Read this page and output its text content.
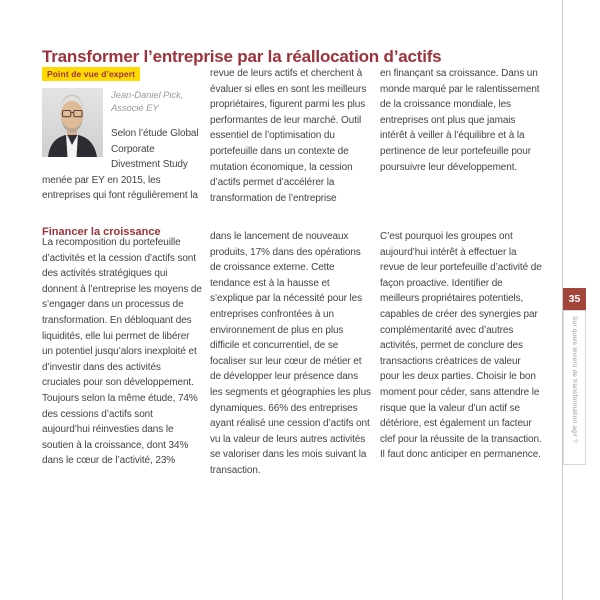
Transformer l’entreprise par la réallocation d’actifs
Point de vue d’expert
Jean-Daniel Pick,
Associé EY

Selon l’étude Global Corporate Divestment Study menée par EY en 2015, les entreprises qui font régulièrement la

revue de leurs actifs et cherchent à évaluer si elles en sont les meilleurs propriétaires, figurent parmi les plus performantes de leur marché. Outil essentiel de l’optimisation du portefeuille dans un contexte de mutation économique, la cession d’actifs permet d’accélérer la transformation de l’entreprise

en finançant sa croissance. Dans un monde marqué par le ralentissement de la croissance mondiale, les entreprises ont plus que jamais intérêt à veiller à l’équilibre et à la pertinence de leur portefeuille pour poursuivre leur développement.

Financer la croissance

La recomposition du portefeuille d’activités et la cession d’actifs sont des activités stratégiques qui donnent à l’entreprise les moyens de s’engager dans un processus de transformation. En débloquant des liquidités, elle lui permet de libérer un potentiel jusqu’alors inexploité et d’investir dans des activités cruciales pour son développement. Toujours selon la même étude, 74% des cessions d’actifs sont aujourd’hui réinvesties dans le soutien à la croissance, dont 34% dans le cœur de l’activité, 23%

dans le lancement de nouveaux produits, 17% dans des opérations de croissance externe. Cette tendance est à la hausse et s’explique par la nécessité pour les entreprises confrontées à un environnement de plus en plus difficile et concurrentiel, de se focaliser sur leur cœur de métier et de développer leur présence dans les segments et géographies les plus dynamiques. 66% des entreprises ayant réalisé une cession d’actifs ont vu la valeur de leurs autres activités se valoriser dans les mois suivant la transaction.

C’est pourquoi les groupes ont aujourd’hui intérêt à effectuer la revue de leur portefeuille d’activité de façon proactive. Identifier de meilleurs propriétaires potentiels, capables de créer des synergies par complémentarité avec d’autres activités, permet de conclure des transactions créatrices de valeur pour les deux parties. Choisir le bon moment pour céder, sans attendre le risque que la valeur d’un actif se détériore, est également un facteur clef pour la réussite de la transaction. Il faut donc anticiper en permanence.

35
Sur quels leviers de transformation agir ?
